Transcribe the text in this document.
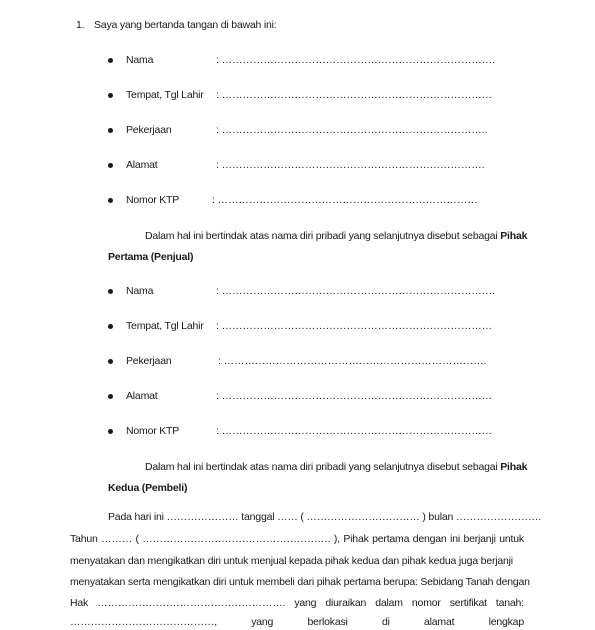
1. Saya yang bertanda tangan di bawah ini:
Nama	: …………………………………………………………………….
Tempat, Tgl Lahir : ……………………………………………………………………
Pekerjaan	: …………………………………………………………………..
Alamat	: ………………………………………………………………….
Nomor KTP	: …………………………………………………………………
Dalam hal ini bertindak atas nama diri pribadi yang selanjutnya disebut sebagai Pihak
Pertama (Penjual)
Nama	: …………………………………………………………………….
Tempat, Tgl Lahir : ……………………………………………………………………
Pekerjaan	: ………………………………………………………………….
Alamat	: ……………………………………………………………………
Nomor KTP	: ……………………………………………………………………
Dalam hal ini bertindak atas nama diri pribadi yang selanjutnya disebut sebagai Pihak
Kedua (Pembeli)
Pada hari ini ………………… tanggal …… ( …………………………… ) bulan …………………….
Tahun ……… ( ………………………………………………. ), Pihak pertama dengan ini berjanji untuk
menyatakan dan mengikatkan diri untuk menjual kepada pihak kedua dan pihak kedua juga berjanji
menyatakan serta mengikatkan diri untuk membeli dari pihak pertama berupa: Sebidang Tanah dengan
Hak ………………………………………………. yang diuraikan dalam nomor sertifikat tanah:
……………………………………,	yang	berlokasi	di	alamat	lengkap
